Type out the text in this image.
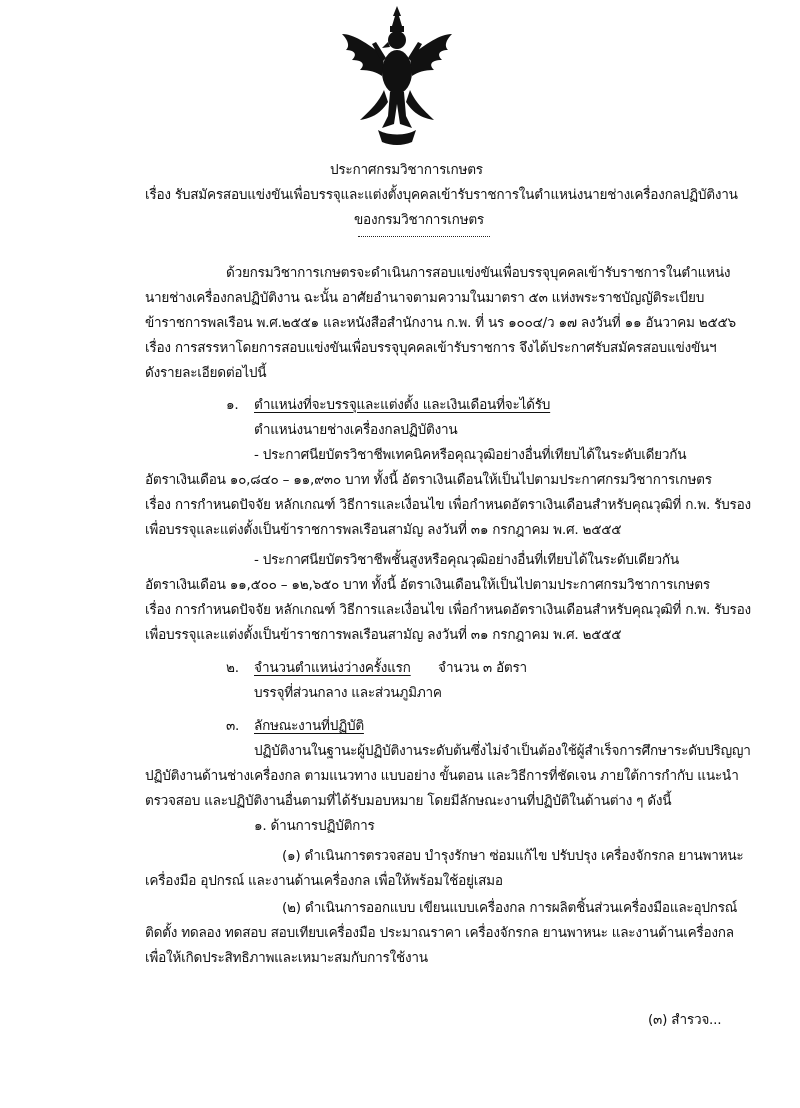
ประกาศกรมวิชาการเกษตร
เรื่อง รับสมัครสอบแข่งขันเพื่อบรรจุและแต่งตั้งบุคคลเข้ารับราชการในตำแหน่งนายช่างเครื่องกลปฏิบัติงาน
ของกรมวิชาการเกษตร
ด้วยกรมวิชาการเกษตรจะดำเนินการสอบแข่งขันเพื่อบรรจุบุคคลเข้ารับราชการในตำแหน่ง
นายช่างเครื่องกลปฏิบัติงาน ฉะนั้น อาศัยอำนาจตามความในมาตรา ๕๓ แห่งพระราชบัญญัติระเบียบ
ข้าราชการพลเรือน พ.ศ.๒๕๕๑ และหนังสือสำนักงาน ก.พ. ที่ นร ๑๐๐๔/ว ๑๗ ลงวันที่ ๑๑ อันวาคม ๒๕๕๖
เรื่อง การสรรหาโดยการสอบแข่งขันเพื่อบรรจุบุคคลเข้ารับราชการ จึงได้ประกาศรับสมัครสอบแข่งขันฯ
ดังรายละเอียดต่อไปนี้
๑. ตำแหน่งที่จะบรรจุและแต่งตั้ง และเงินเดือนที่จะได้รับ
ตำแหน่งนายช่างเครื่องกลปฏิบัติงาน
- ประกาศนียบัตรวิชาชีพเทคนิคหรือคุณวุฒิอย่างอื่นที่เทียบได้ในระดับเดียวกัน
อัตราเงินเดือน ๑๐,๘๔๐ – ๑๑,๙๓๐ บาท ทั้งนี้ อัตราเงินเดือนให้เป็นไปตามประกาศกรมวิชาการเกษตร
เรื่อง การกำหนดปัจจัย หลักเกณฑ์ วิธีการและเงื่อนไข เพื่อกำหนดอัตราเงินเดือนสำหรับคุณวุฒิที่ ก.พ. รับรอง
เพื่อบรรจุและแต่งตั้งเป็นข้าราชการพลเรือนสามัญ ลงวันที่ ๓๑ กรกฎาคม พ.ศ. ๒๕๕๕
- ประกาศนียบัตรวิชาชีพชั้นสูงหรือคุณวุฒิอย่างอื่นที่เทียบได้ในระดับเดียวกัน
อัตราเงินเดือน ๑๑,๕๐๐ – ๑๒,๖๕๐ บาท ทั้งนี้ อัตราเงินเดือนให้เป็นไปตามประกาศกรมวิชาการเกษตร
เรื่อง การกำหนดปัจจัย หลักเกณฑ์ วิธีการและเงื่อนไข เพื่อกำหนดอัตราเงินเดือนสำหรับคุณวุฒิที่ ก.พ. รับรอง
เพื่อบรรจุและแต่งตั้งเป็นข้าราชการพลเรือนสามัญ ลงวันที่ ๓๑ กรกฎาคม พ.ศ. ๒๕๕๕
๒. จำนวนตำแหน่งว่างครั้งแรก จำนวน ๓ อัตรา
บรรจุที่ส่วนกลาง และส่วนภูมิภาค
๓. ลักษณะงานที่ปฏิบัติ
ปฏิบัติงานในฐานะผู้ปฏิบัติงานระดับต้นซึ่งไม่จำเป็นต้องใช้ผู้สำเร็จการศึกษาระดับปริญญา
ปฏิบัติงานด้านช่างเครื่องกล ตามแนวทาง แบบอย่าง ขั้นตอน และวิธีการที่ชัดเจน ภายใต้การกำกับ แนะนำ
ตรวจสอบ และปฏิบัติงานอื่นตามที่ได้รับมอบหมาย โดยมีลักษณะงานที่ปฏิบัติในด้านต่าง ๆ ดังนี้
๑. ด้านการปฏิบัติการ
(๑) ดำเนินการตรวจสอบ บำรุงรักษา ซ่อมแก้ไข ปรับปรุง เครื่องจักรกล ยานพาหนะ
เครื่องมือ อุปกรณ์ และงานด้านเครื่องกล เพื่อให้พร้อมใช้อยู่เสมอ
(๒) ดำเนินการออกแบบ เขียนแบบเครื่องกล การผลิตชิ้นส่วนเครื่องมือและอุปกรณ์
ติดตั้ง ทดลอง ทดสอบ สอบเทียบเครื่องมือ ประมาณราคา เครื่องจักรกล ยานพาหนะ และงานด้านเครื่องกล
เพื่อให้เกิดประสิทธิภาพและเหมาะสมกับการใช้งาน
(๓) สำรวจ...
